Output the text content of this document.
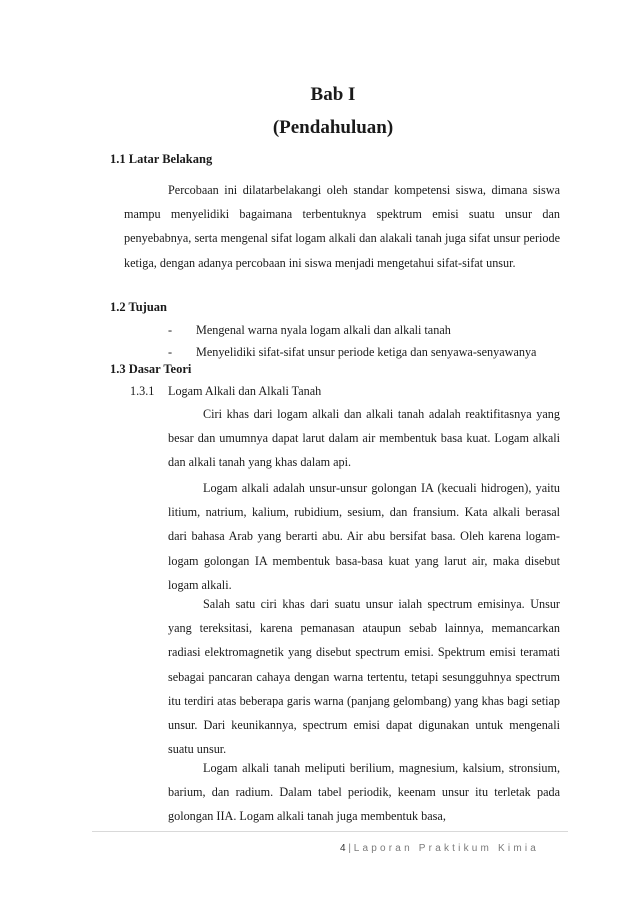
Bab I
(Pendahuluan)
1.1 Latar Belakang
Percobaan ini dilatarbelakangi oleh standar kompetensi siswa, dimana siswa mampu menyelidiki bagaimana terbentuknya spektrum emisi suatu unsur dan penyebabnya, serta mengenal sifat logam alkali dan alakali tanah juga sifat unsur periode ketiga, dengan adanya percobaan ini siswa menjadi mengetahui sifat-sifat unsur.
1.2 Tujuan
- Mengenal warna nyala logam alkali dan alkali tanah
- Menyelidiki sifat-sifat unsur periode ketiga dan senyawa-senyawanya
1.3 Dasar Teori
1.3.1 Logam Alkali dan Alkali Tanah
Ciri khas dari logam alkali dan alkali tanah adalah reaktifitasnya yang besar dan umumnya dapat larut dalam air membentuk basa kuat. Logam alkali dan alkali tanah yang khas dalam api.
Logam alkali adalah unsur-unsur golongan IA (kecuali hidrogen), yaitu litium, natrium, kalium, rubidium, sesium, dan fransium. Kata alkali berasal dari bahasa Arab yang berarti abu. Air abu bersifat basa. Oleh karena logam-logam golongan IA membentuk basa-basa kuat yang larut air, maka disebut logam alkali.
Salah satu ciri khas dari suatu unsur ialah spectrum emisinya. Unsur yang tereksitasi, karena pemanasan ataupun sebab lainnya, memancarkan radiasi elektromagnetik yang disebut spectrum emisi. Spektrum emisi teramati sebagai pancaran cahaya dengan warna tertentu, tetapi sesungguhnya spectrum itu terdiri atas beberapa garis warna (panjang gelombang) yang khas bagi setiap unsur. Dari keunikannya, spectrum emisi dapat digunakan untuk mengenali suatu unsur.
Logam alkali tanah meliputi berilium, magnesium, kalsium, stronsium, barium, dan radium. Dalam tabel periodik, keenam unsur itu terletak pada golongan IIA. Logam alkali tanah juga membentuk basa,
4 | Laporan Praktikum Kimia
